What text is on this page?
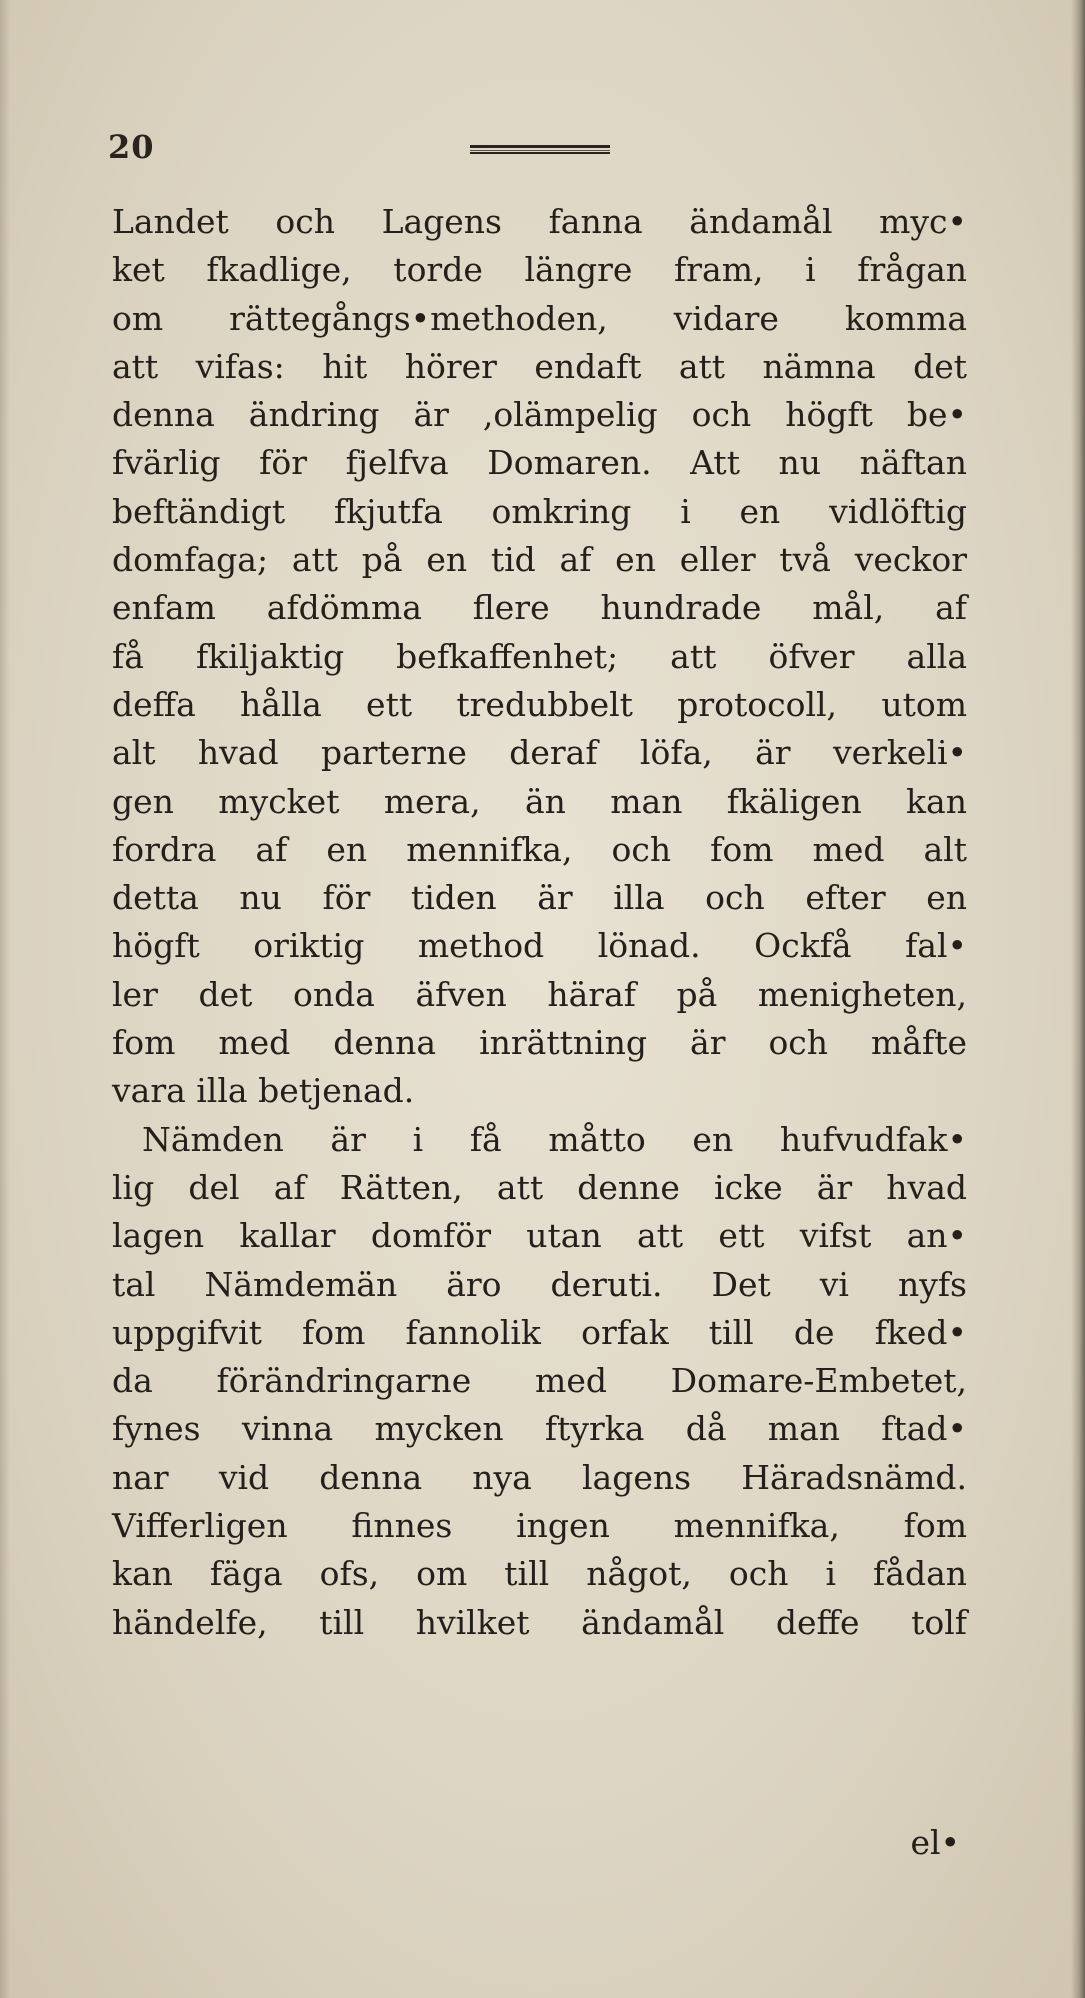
20
Landet och Lagens fanna ändamål myc•
ket fkadlige, torde längre fram, i frågan
om rättegångs•methoden, vidare komma
att vifas: hit hörer endaft att nämna det
denna ändring är ,olämpelig och högft be•
fvärlig för fjelfva Domaren. Att nu näftan
beftändigt fkjutfa omkring i en vidlöftig
domfaga; att på en tid af en eller två veckor
enfam afdömma flere hundrade mål, af
få fkiljaktig befkaffenhet; att öfver alla
deffa hålla ett tredubbelt protocoll, utom
alt hvad parterne deraf löfa, är verkeli•
gen mycket mera, än man fkäligen kan
fordra af en mennifka, och fom med alt
detta nu för tiden är illa och efter en
högft oriktig method lönad. Ockfå fal•
ler det onda äfven häraf på menigheten,
fom med denna inrättning är och måfte
vara illa betjenad.
Nämden är i få måtto en hufvudfak•
lig del af Rätten, att denne icke är hvad
lagen kallar domför utan att ett vifst an•
tal Nämdemän äro deruti. Det vi nyfs
uppgifvit fom fannolik orfak till de fked•
da förändringarne med Domare-Embetet,
fynes vinna mycken ftyrka då man ftad•
nar vid denna nya lagens Häradsnämd.
Vifferligen finnes ingen mennifka, fom
kan fäga ofs, om till något, och i fådan
händelfe, till hvilket ändamål deffe tolf
el•
